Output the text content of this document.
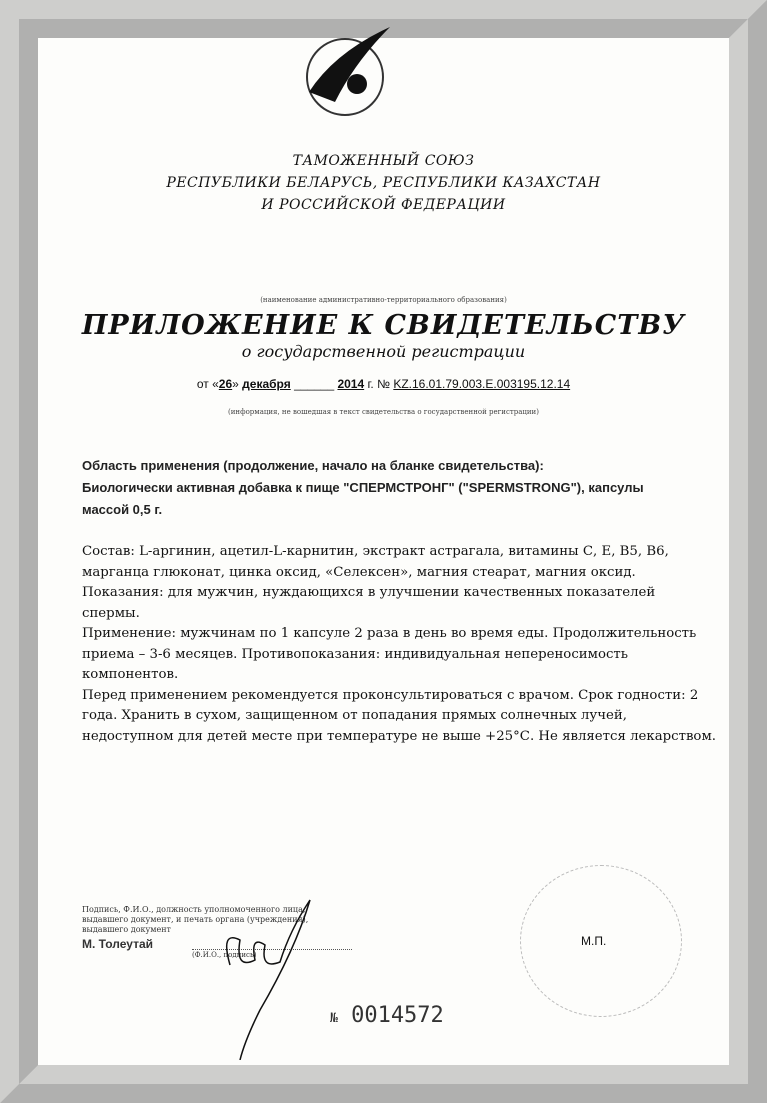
ТАМОЖЕННЫЙ СОЮЗ
РЕСПУБЛИКИ БЕЛАРУСЬ, РЕСПУБЛИКИ КАЗАХСТАН
И РОССИЙСКОЙ ФЕДЕРАЦИИ
(наименование административно-территориального образования)
ПРИЛОЖЕНИЕ К СВИДЕТЕЛЬСТВУ
о государственной регистрации
от «26» декабря ______ 2014 г. № KZ.16.01.79.003.E.003195.12.14
(информация, не вошедшая в текст свидетельства о государственной регистрации)
Область применения (продолжение, начало на бланке свидетельства):
Биологически активная добавка к пище "СПЕРМСТРОНГ" ("SPERMSTRONG"), капсулы
массой 0,5 г.
Состав: L-аргинин, ацетил-L-карнитин, экстракт астрагала, витамины С, Е, В5, В6,
марганца глюконат, цинка оксид, «Селексен», магния стеарат, магния оксид.
Показания: для мужчин, нуждающихся в улучшении качественных показателей спермы.
Применение: мужчинам по 1 капсуле 2 раза в день во время еды. Продолжительность
приема – 3-6 месяцев. Противопоказания: индивидуальная непереносимость компонентов.
Перед применением рекомендуется проконсультироваться с врачом. Срок годности: 2
года. Хранить в сухом, защищенном от попадания прямых солнечных лучей,
недоступном для детей месте при температуре не выше +25°С. Не является лекарством.
Подпись, Ф.И.О., должность уполномоченного лица,
выдавшего документ, и печать органа (учреждения),
выдавшего документ
М. Толеутай
(Ф.И.О., подпись)
М.П.
№ 0014572
